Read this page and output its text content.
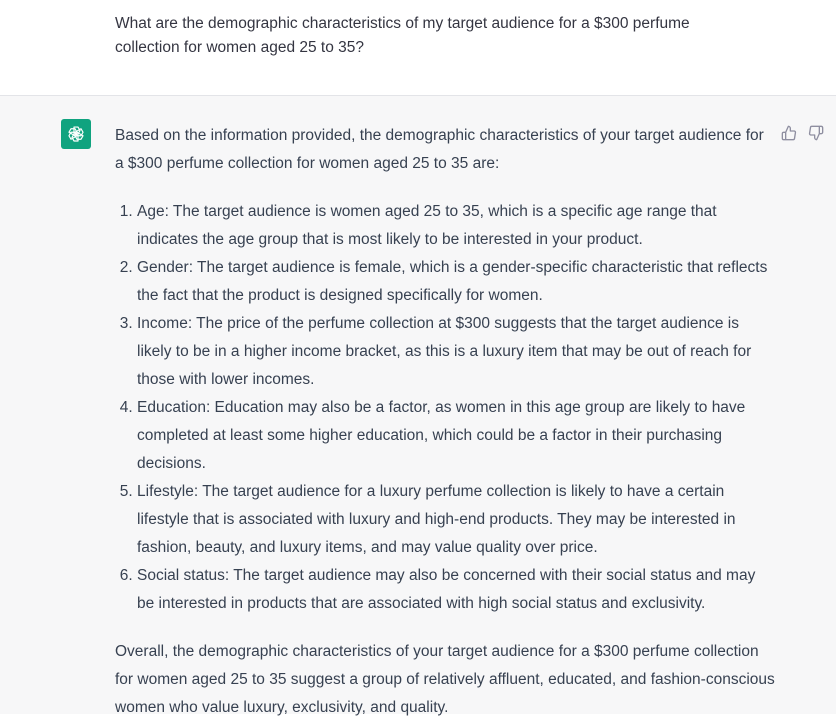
What are the demographic characteristics of my target audience for a $300 perfume collection for women aged 25 to 35?

Based on the information provided, the demographic characteristics of your target audience for a $300 perfume collection for women aged 25 to 35 are:

1. Age: The target audience is women aged 25 to 35, which is a specific age range that indicates the age group that is most likely to be interested in your product.
2. Gender: The target audience is female, which is a gender-specific characteristic that reflects the fact that the product is designed specifically for women.
3. Income: The price of the perfume collection at $300 suggests that the target audience is likely to be in a higher income bracket, as this is a luxury item that may be out of reach for those with lower incomes.
4. Education: Education may also be a factor, as women in this age group are likely to have completed at least some higher education, which could be a factor in their purchasing decisions.
5. Lifestyle: The target audience for a luxury perfume collection is likely to have a certain lifestyle that is associated with luxury and high-end products. They may be interested in fashion, beauty, and luxury items, and may value quality over price.
6. Social status: The target audience may also be concerned with their social status and may be interested in products that are associated with high social status and exclusivity.

Overall, the demographic characteristics of your target audience for a $300 perfume collection for women aged 25 to 35 suggest a group of relatively affluent, educated, and fashion-conscious women who value luxury, exclusivity, and quality.
